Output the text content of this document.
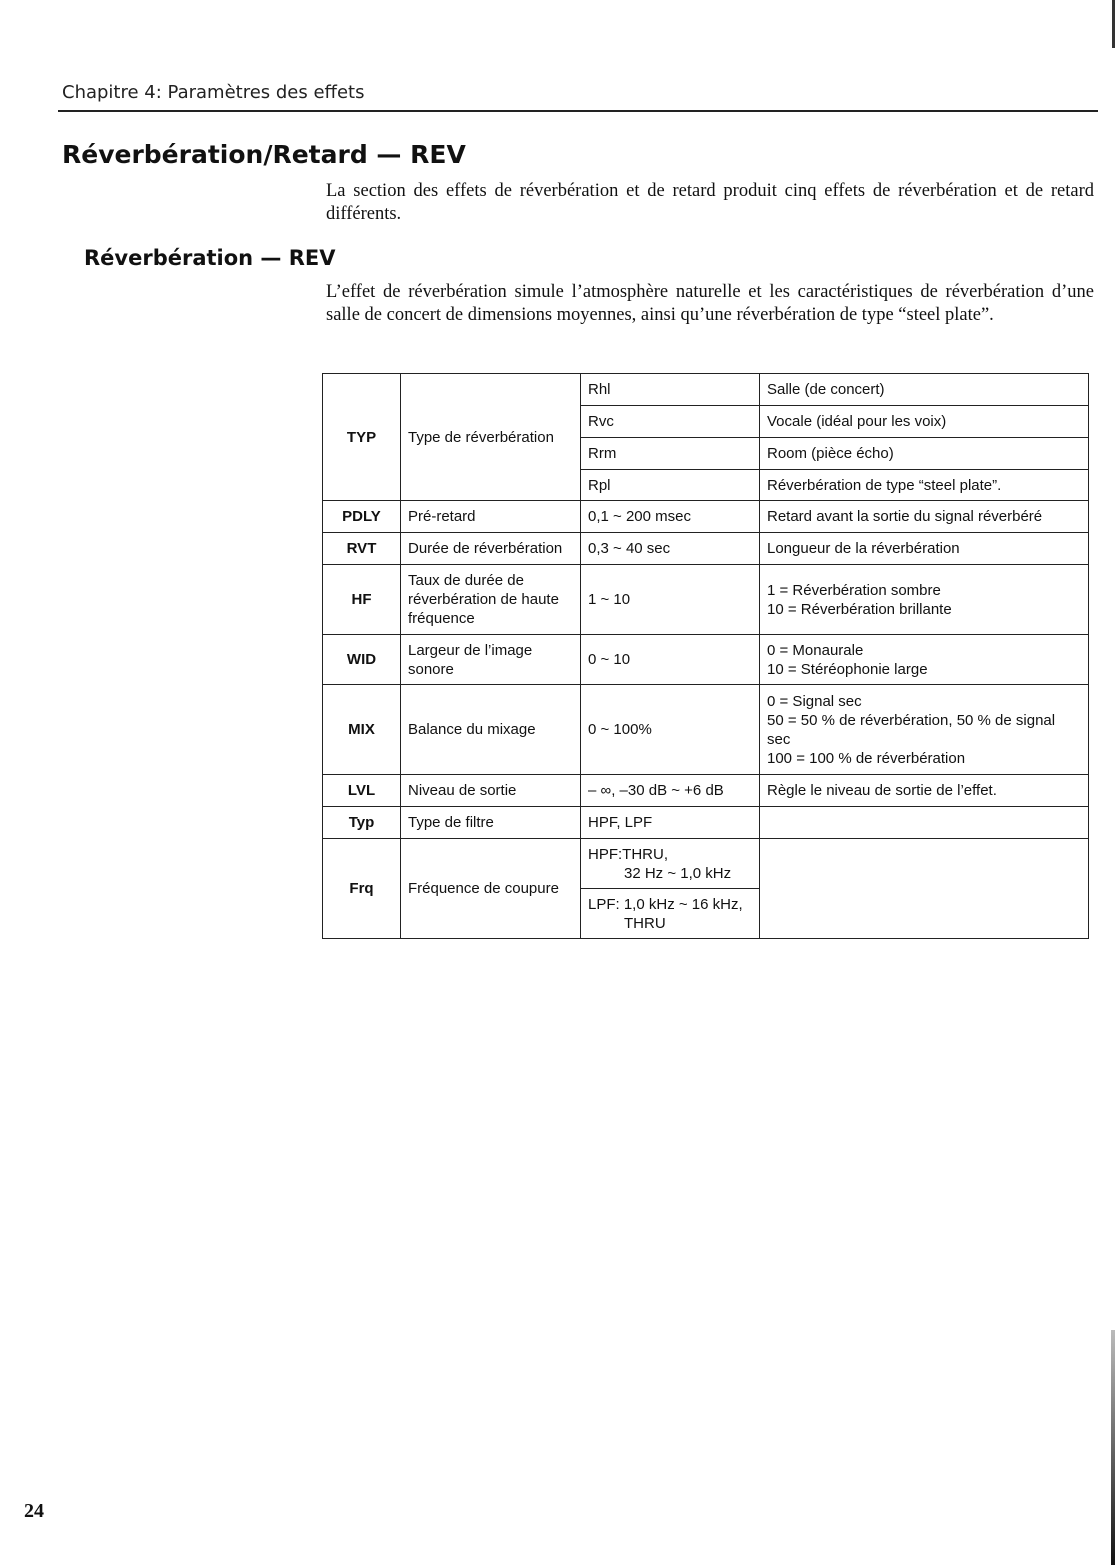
Chapitre 4: Paramètres des effets
Réverbération/Retard — REV

La section des effets de réverbération et de retard produit cinq effets de réverbération et de retard différents.

Réverbération — REV

L’effet de réverbération simule l’atmosphère naturelle et les caractéristiques de réverbération d’une salle de concert de dimensions moyennes, ainsi qu’une réverbération de type “steel plate”.

TYP	Type de réverbération	Rhl	Salle (de concert)
		Rvc	Vocale (idéal pour les voix)
		Rrm	Room (pièce écho)
		Rpl	Réverbération de type “steel plate”.
PDLY	Pré-retard	0,1 ~ 200 msec	Retard avant la sortie du signal réverbéré
RVT	Durée de réverbération	0,3 ~ 40 sec	Longueur de la réverbération
HF	Taux de durée de réverbération de haute fréquence	1 ~ 10	1 = Réverbération sombre
10 = Réverbération brillante

WID	Largeur de l’image sonore	0 ~ 10	0 = Monaurale
10 = Stéréophonie large

MIX	Balance du mixage	0 ~ 100%	0 = Signal sec
50 = 50 % de réverbération, 50 % de signal sec
100 = 100 % de réverbération

LVL	Niveau de sortie	– ∞, –30 dB ~ +6 dB	Règle le niveau de sortie de l’effet.
Typ	Type de filtre	HPF, LPF	
Frq	Fréquence de coupure	HPF:THRU,
32 Hz ~ 1,0 kHz	

		LPF: 1,0 kHz ~ 16 kHz,
THRU	
24
